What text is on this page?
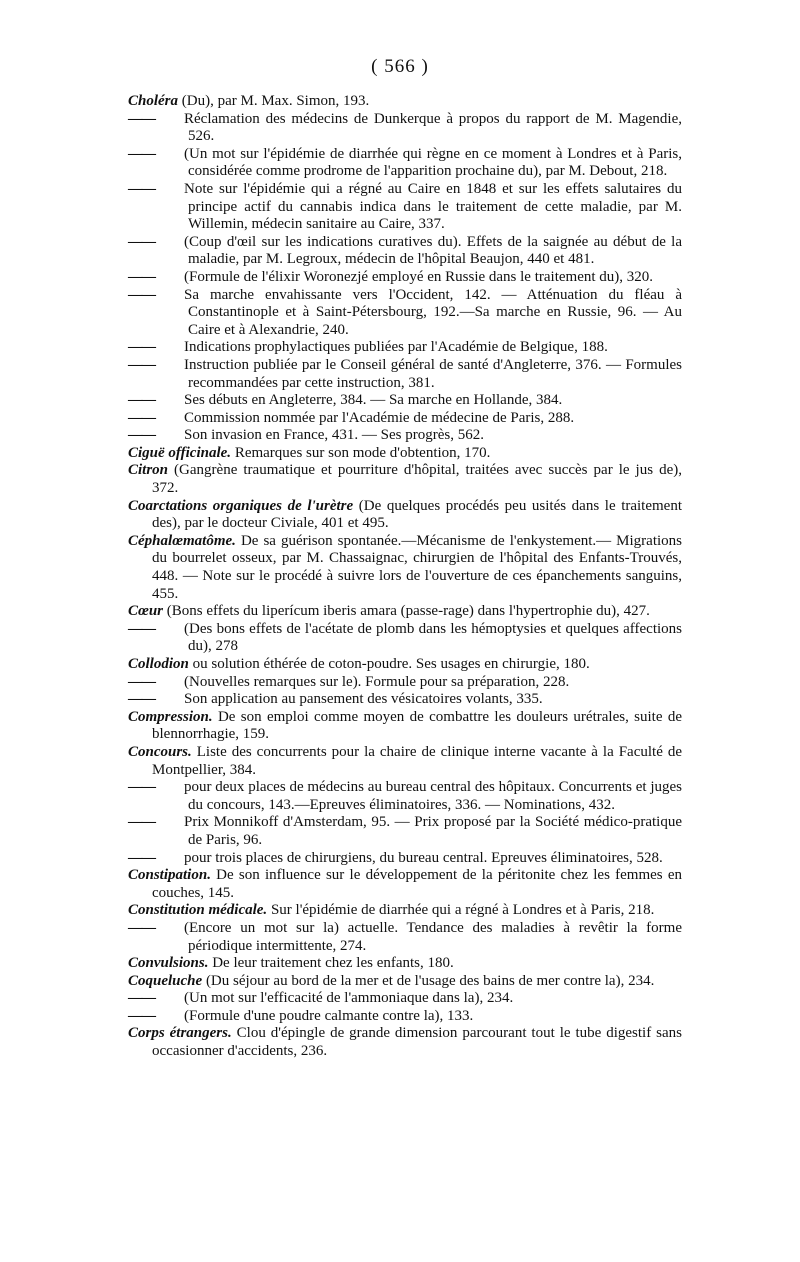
( 566 )

Choléra (Du), par M. Max. Simon, 193.

—— Réclamation des médecins de Dunkerque à propos du rapport de M. Magendie, 526.

—— (Un mot sur l'épidémie de diarrhée qui règne en ce moment à Londres et à Paris, considérée comme prodrome de l'apparition prochaine du), par M. Debout, 218.

—— Note sur l'épidémie qui a régné au Caire en 1848 et sur les effets salutaires du principe actif du cannabis indica dans le traitement de cette maladie, par M. Willemin, médecin sanitaire au Caire, 337.

—— (Coup d'œil sur les indications curatives du). Effets de la saignée au début de la maladie, par M. Legroux, médecin de l'hôpital Beaujon, 440 et 481.

—— (Formule de l'élixir Woronezjé employé en Russie dans le traitement du), 320.

—— Sa marche envahissante vers l'Occident, 142. — Atténuation du fléau à Constantinople et à Saint-Pétersbourg, 192.—Sa marche en Russie, 96. — Au Caire et à Alexandrie, 240.

—— Indications prophylactiques publiées par l'Académie de Belgique, 188.

—— Instruction publiée par le Conseil général de santé d'Angleterre, 376. — Formules recommandées par cette instruction, 381.

—— Ses débuts en Angleterre, 384. — Sa marche en Hollande, 384.

—— Commission nommée par l'Académie de médecine de Paris, 288.

—— Son invasion en France, 431. — Ses progrès, 562.

Ciguë officinale. Remarques sur son mode d'obtention, 170.

Citron (Gangrène traumatique et pourriture d'hôpital, traitées avec succès par le jus de), 372.

Coarctations organiques de l'urètre (De quelques procédés peu usités dans le traitement des), par le docteur Civiale, 401 et 495.

Céphalœmatôme. De sa guérison spontanée.—Mécanisme de l'enkystement.— Migrations du bourrelet osseux, par M. Chassaignac, chirurgien de l'hôpital des Enfants-Trouvés, 448. — Note sur le procédé à suivre lors de l'ouverture de ces épanchements sanguins, 455.

Cœur (Bons effets du liperícum iberis amara (passe-rage) dans l'hypertrophie du), 427.

—— (Des bons effets de l'acétate de plomb dans les hémoptysies et quelques affections du), 278

Collodion ou solution éthérée de coton-poudre. Ses usages en chirurgie, 180.

—— (Nouvelles remarques sur le). Formule pour sa préparation, 228.

—— Son application au pansement des vésicatoires volants, 335.

Compression. De son emploi comme moyen de combattre les douleurs urétrales, suite de blennorrhagie, 159.

Concours. Liste des concurrents pour la chaire de clinique interne vacante à la Faculté de Montpellier, 384.

—— pour deux places de médecins au bureau central des hôpitaux. Concurrents et juges du concours, 143.—Epreuves éliminatoires, 336. — Nominations, 432.

—— Prix Monnikoff d'Amsterdam, 95. — Prix proposé par la Société médico-pratique de Paris, 96.

—— pour trois places de chirurgiens, du bureau central. Epreuves éliminatoires, 528.

Constipation. De son influence sur le développement de la péritonite chez les femmes en couches, 145.

Constitution médicale. Sur l'épidémie de diarrhée qui a régné à Londres et à Paris, 218.

—— (Encore un mot sur la) actuelle. Tendance des maladies à revêtir la forme périodique intermittente, 274.

Convulsions. De leur traitement chez les enfants, 180.

Coqueluche (Du séjour au bord de la mer et de l'usage des bains de mer contre la), 234.

—— (Un mot sur l'efficacité de l'ammoniaque dans la), 234.

—— (Formule d'une poudre calmante contre la), 133.

Corps étrangers. Clou d'épingle de grande dimension parcourant tout le tube digestif sans occasionner d'accidents, 236.
